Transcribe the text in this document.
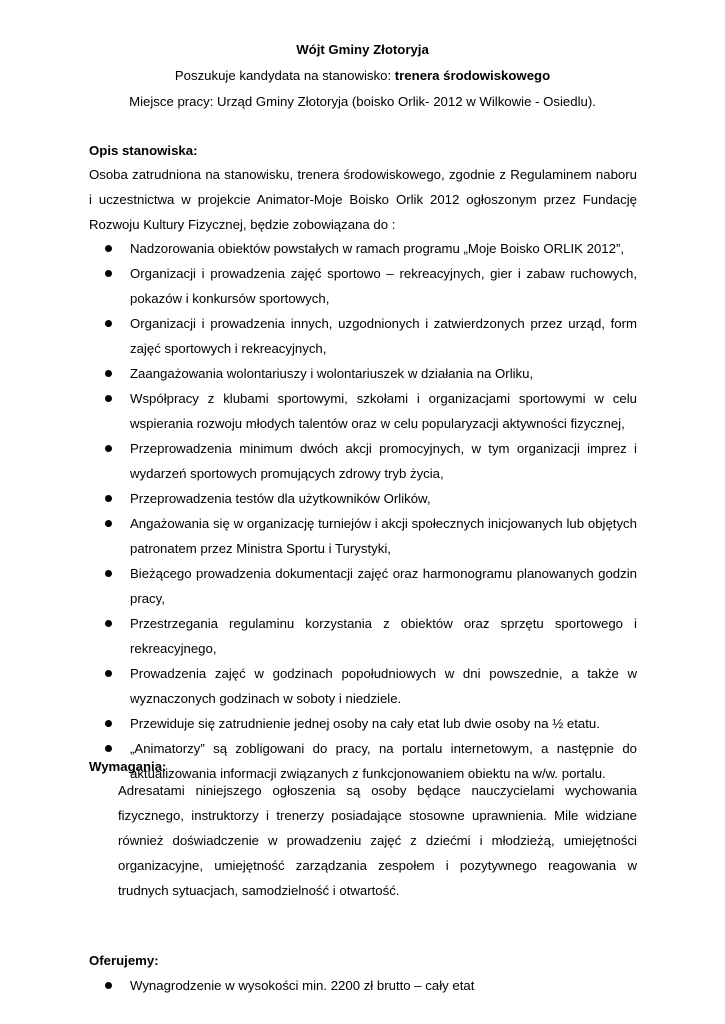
Wójt Gminy Złotoryja
Poszukuje kandydata na stanowisko: trenera środowiskowego
Miejsce pracy: Urząd Gminy Złotoryja (boisko Orlik- 2012 w Wilkowie - Osiedlu).
Opis stanowiska:
Osoba zatrudniona na stanowisku, trenera środowiskowego, zgodnie z Regulaminem naboru i uczestnictwa w projekcie Animator-Moje Boisko Orlik 2012 ogłoszonym przez Fundację Rozwoju Kultury Fizycznej, będzie zobowiązana do :
Nadzorowania obiektów powstałych w ramach programu „Moje Boisko ORLIK 2012”,
Organizacji i prowadzenia zajęć sportowo – rekreacyjnych, gier i zabaw ruchowych, pokazów i konkursów sportowych,
Organizacji i prowadzenia innych, uzgodnionych i zatwierdzonych przez urząd, form zajęć sportowych i rekreacyjnych,
Zaangażowania wolontariuszy i wolontariuszek w działania na Orliku,
Współpracy z klubami sportowymi, szkołami i organizacjami sportowymi w celu wspierania rozwoju młodych talentów oraz w celu popularyzacji aktywności fizycznej,
Przeprowadzenia minimum dwóch akcji promocyjnych, w tym organizacji imprez i wydarzeń sportowych promujących zdrowy tryb życia,
Przeprowadzenia testów dla użytkowników Orlików,
Angażowania się w organizację turniejów i akcji społecznych inicjowanych lub objętych patronatem przez Ministra Sportu i Turystyki,
Bieżącego prowadzenia dokumentacji zajęć oraz harmonogramu planowanych godzin pracy,
Przestrzegania regulaminu korzystania z obiektów oraz sprzętu sportowego i rekreacyjnego,
Prowadzenia zajęć w godzinach popołudniowych w dni powszednie, a także w wyznaczonych godzinach w soboty i niedziele.
Przewiduje się zatrudnienie jednej osoby na cały etat lub dwie osoby na ½ etatu.
„Animatorzy” są zobligowani do pracy, na portalu internetowym, a następnie do aktualizowania informacji związanych z funkcjonowaniem obiektu na w/w. portalu.
Wymagania:
Adresatami niniejszego ogłoszenia są osoby będące nauczycielami wychowania fizycznego, instruktorzy i trenerzy posiadające stosowne uprawnienia. Mile widziane również doświadczenie w prowadzeniu zajęć z dziećmi i młodzieżą, umiejętności organizacyjne, umiejętność zarządzania zespołem i pozytywnego reagowania w trudnych sytuacjach, samodzielność i otwartość.
Oferujemy:
Wynagrodzenie w wysokości min. 2200 zł brutto – cały etat
